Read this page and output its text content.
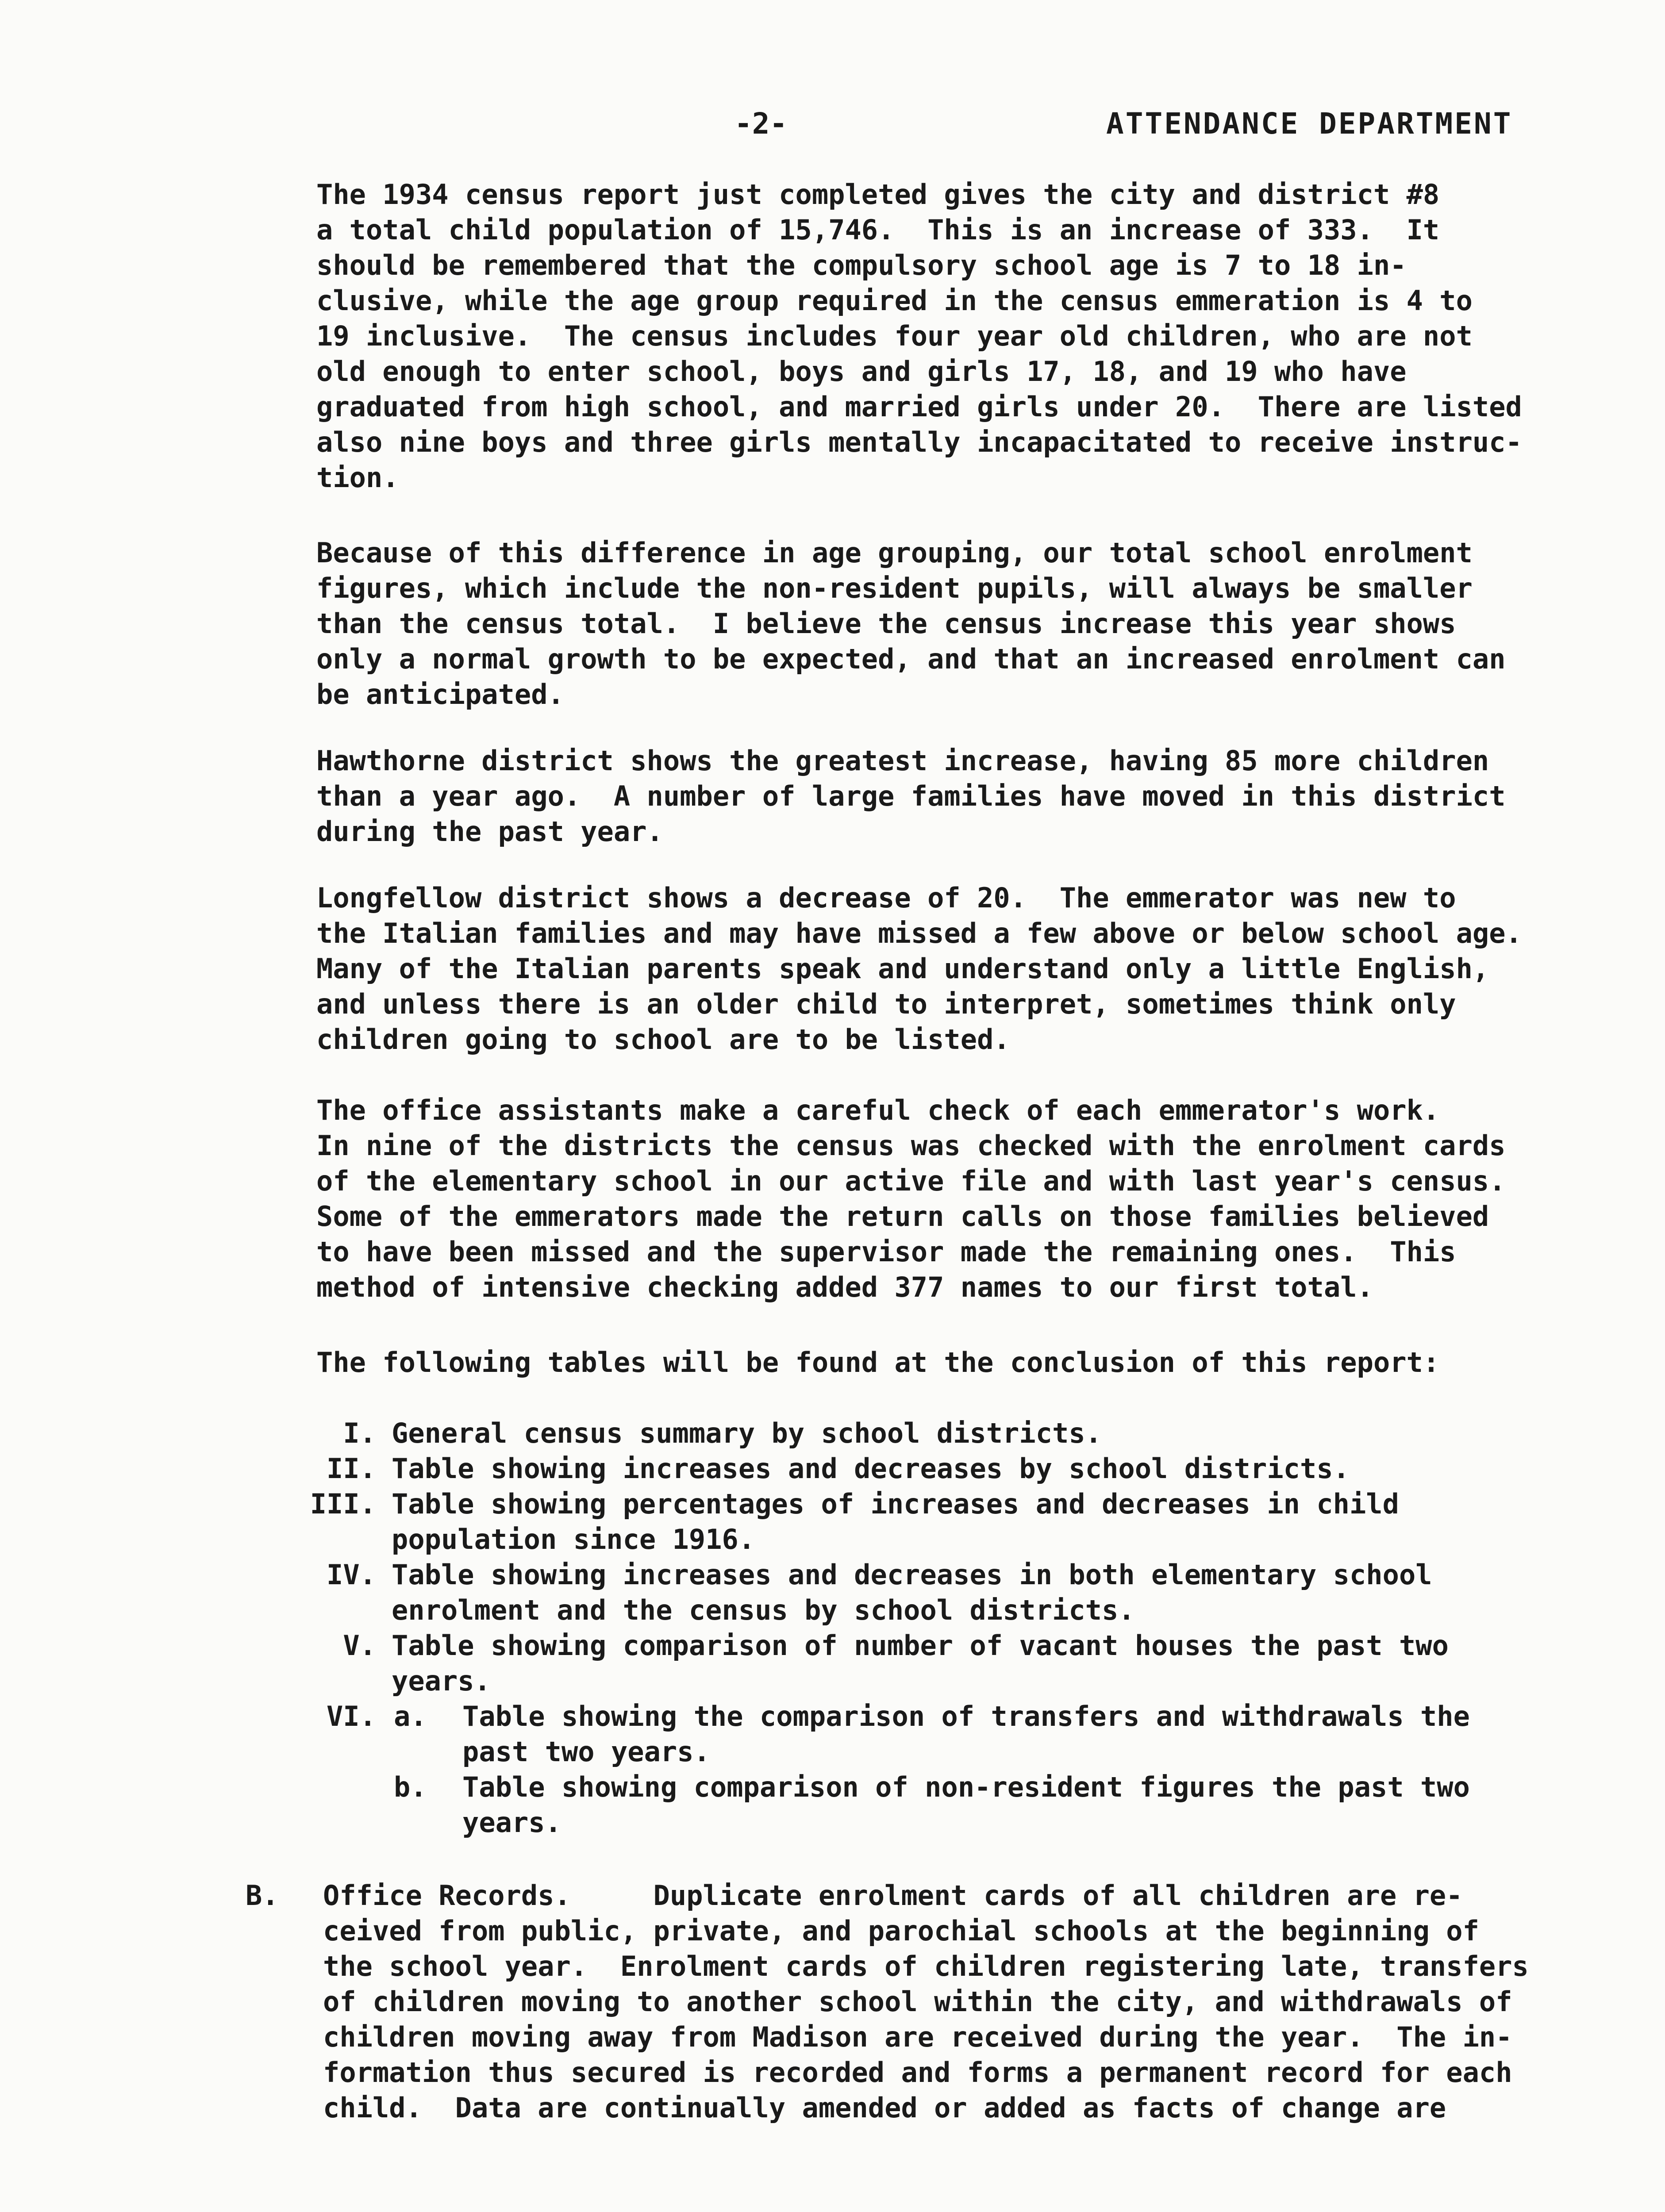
-2-	ATTENDANCE DEPARTMENT
The 1934 census report just completed gives the city and district #8
a total child population of 15,746.  This is an increase of 333.  It
should be remembered that the compulsory school age is 7 to 18 in-
clusive, while the age group required in the census emmeration is 4 to
19 inclusive.  The census includes four year old children, who are not
old enough to enter school, boys and girls 17, 18, and 19 who have
graduated from high school, and married girls under 20.  There are listed
also nine boys and three girls mentally incapacitated to receive instruc-
tion.
Because of this difference in age grouping, our total school enrolment
figures, which include the non-resident pupils, will always be smaller
than the census total.  I believe the census increase this year shows
only a normal growth to be expected, and that an increased enrolment can
be anticipated.
Hawthorne district shows the greatest increase, having 85 more children
than a year ago.  A number of large families have moved in this district
during the past year.
Longfellow district shows a decrease of 20.  The emmerator was new to
the Italian families and may have missed a few above or below school age.
Many of the Italian parents speak and understand only a little English,
and unless there is an older child to interpret, sometimes think only
children going to school are to be listed.
The office assistants make a careful check of each emmerator's work.
In nine of the districts the census was checked with the enrolment cards
of the elementary school in our active file and with last year's census.
Some of the emmerators made the return calls on those families believed
to have been missed and the supervisor made the remaining ones.  This
method of intensive checking added 377 names to our first total.
The following tables will be found at the conclusion of this report:
I. General census summary by school districts.
II. Table showing increases and decreases by school districts.
III. Table showing percentages of increases and decreases in child
population since 1916.
IV. Table showing increases and decreases in both elementary school
enrolment and the census by school districts.
V. Table showing comparison of number of vacant houses the past two
years.
VI. a. Table showing the comparison of transfers and withdrawals the
past two years.
b. Table showing comparison of non-resident figures the past two
years.
B. Office Records.     Duplicate enrolment cards of all children are re-
ceived from public, private, and parochial schools at the beginning of
the school year.  Enrolment cards of children registering late, transfers
of children moving to another school within the city, and withdrawals of
children moving away from Madison are received during the year.  The in-
formation thus secured is recorded and forms a permanent record for each
child.  Data are continually amended or added as facts of change are
